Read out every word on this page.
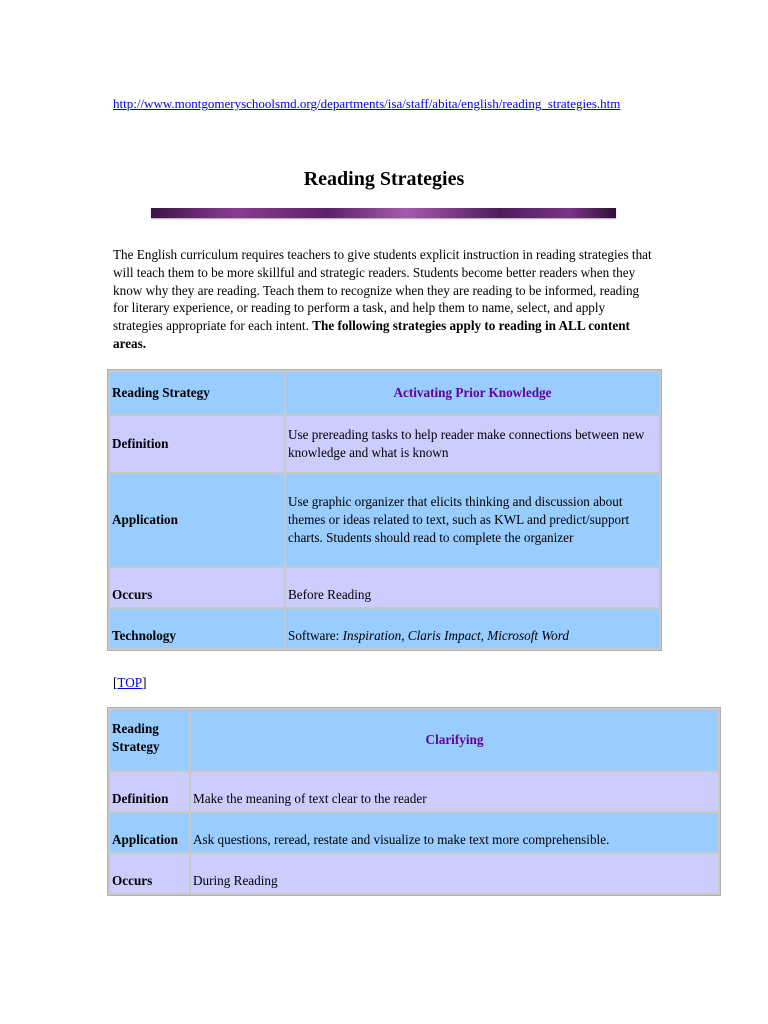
http://www.montgomeryschoolsmd.org/departments/isa/staff/abita/english/reading_strategies.htm
Reading Strategies

The English curriculum requires teachers to give students explicit instruction in reading strategies that will teach them to be more skillful and strategic readers. Students become better readers when they know why they are reading. Teach them to recognize when they are reading to be informed, reading for literary experience, or reading to perform a task, and help them to name, select, and apply strategies appropriate for each intent. The following strategies apply to reading in ALL content areas.

Reading Strategy	Activating Prior Knowledge
Definition	Use prereading tasks to help reader make connections between new knowledge and what is known
Application	Use graphic organizer that elicits thinking and discussion about themes or ideas related to text, such as KWL and predict/support charts. Students should read to complete the organizer
Occurs	Before Reading
Technology	Software: Inspiration, Claris Impact, Microsoft Word
[TOP]
Reading Strategy	Clarifying
Definition	Make the meaning of text clear to the reader
Application	Ask questions, reread, restate and visualize to make text more comprehensible.
Occurs	During Reading
